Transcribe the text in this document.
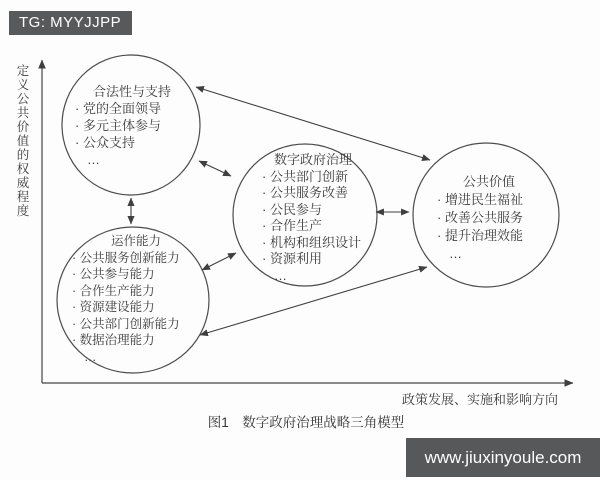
TG: MYYJJPP
www.jiuxinyoule.com
定义公共价值的权威程度
政策发展、实施和影响方向
合法性与支持
· 党的全面领导
· 多元主体参与
· 公众支持
…
运作能力
· 公共服务创新能力
· 公共参与能力
· 合作生产能力
· 资源建设能力
· 公共部门创新能力
· 数据治理能力
…
数字政府治理
· 公共部门创新
· 公共服务改善
· 公民参与
· 合作生产
· 机构和组织设计
· 资源利用
…
公共价值
· 增进民生福祉
· 改善公共服务
· 提升治理效能
…
图1　数字政府治理战略三角模型
